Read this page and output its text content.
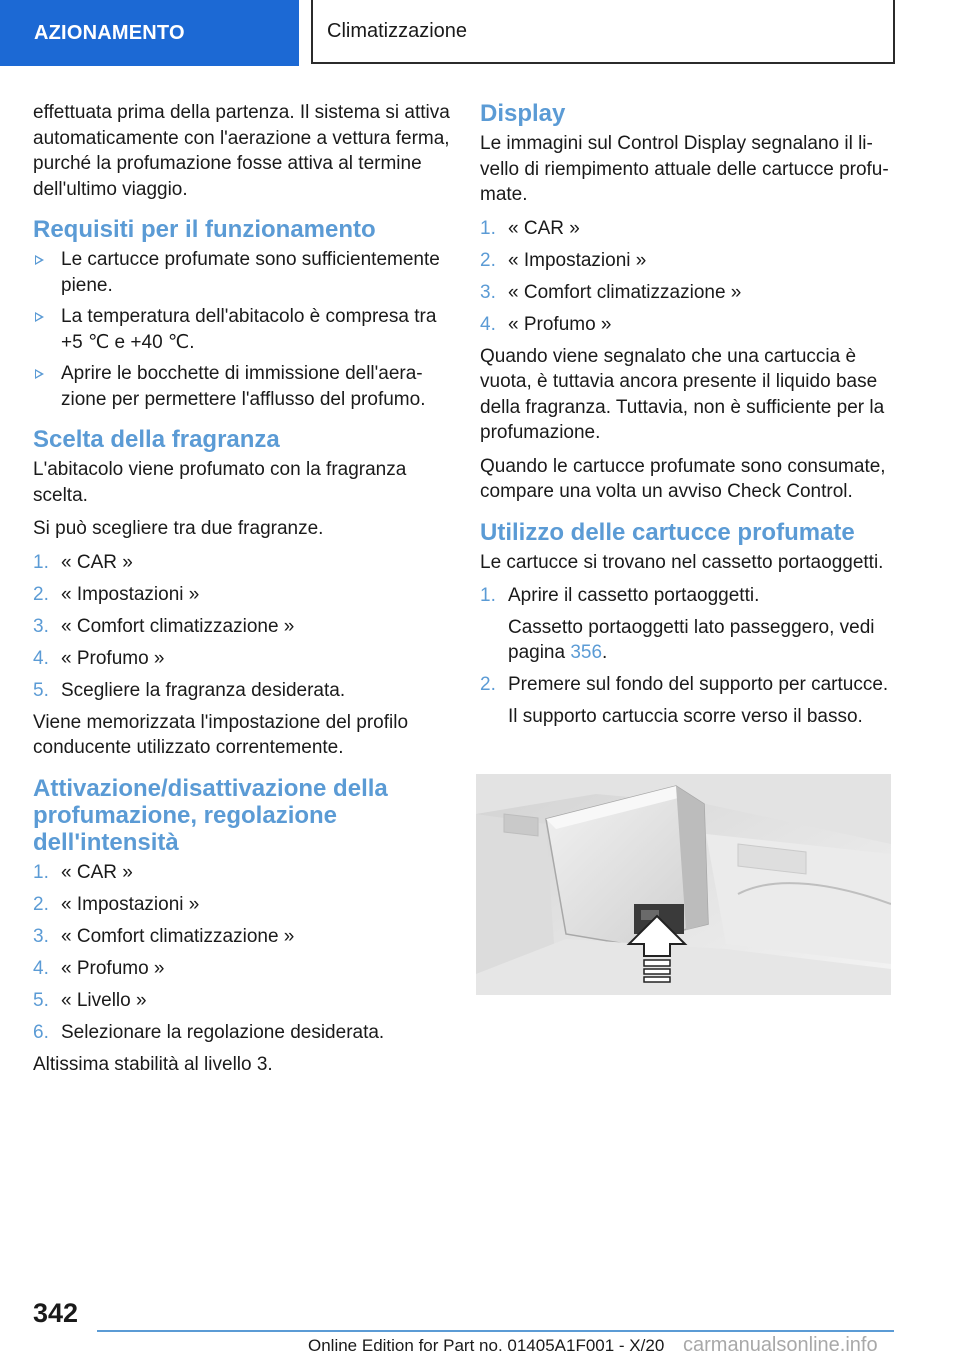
AZIONAMENTO	Climatizzazione

effettuata prima della partenza. Il sistema si attiva automaticamente con l'aerazione a vettura ferma, purché la profumazione fosse attiva al termine dell'ultimo viaggio.

Requisiti per il funzionamento
Le cartucce profumate sono sufficientemente piene.
La temperatura dell'abitacolo è compresa tra +5 ℃ e +40 ℃.
Aprire le bocchette di immissione dell'aerazione per permettere l'afflusso del profumo.
Scelta della fragranza

L'abitacolo viene profumato con la fragranza scelta.

Si può scegliere tra due fragranze.

1. « CAR »
2. « Impostazioni »
3. « Comfort climatizzazione »
4. « Profumo »
5. Scegliere la fragranza desiderata.

Viene memorizzata l'impostazione del profilo conducente utilizzato correntemente.

Attivazione/disattivazione della profumazione, regolazione dell'intensità
1. « CAR »
2. « Impostazioni »
3. « Comfort climatizzazione »
4. « Profumo »
5. « Livello »
6. Selezionare la regolazione desiderata.

Altissima stabilità al livello 3.

Display

Le immagini sul Control Display segnalano il livello di riempimento attuale delle cartucce profumate.

1. « CAR »
2. « Impostazioni »
3. « Comfort climatizzazione »
4. « Profumo »

Quando viene segnalato che una cartuccia è vuota, è tuttavia ancora presente il liquido base della fragranza. Tuttavia, non è sufficiente per la profumazione.

Quando le cartucce profumate sono consumate, compare una volta un avviso Check Control.

Utilizzo delle cartucce profumate

Le cartucce si trovano nel cassetto portaoggetti.

1. Aprire il cassetto portaoggetti.
Cassetto portaoggetti lato passeggero, vedi pagina 356.
2. Premere sul fondo del supporto per cartucce.
Il supporto cartuccia scorre verso il basso.
342
Online Edition for Part no. 01405A1F001 - X/20 carmanualsonline.info
